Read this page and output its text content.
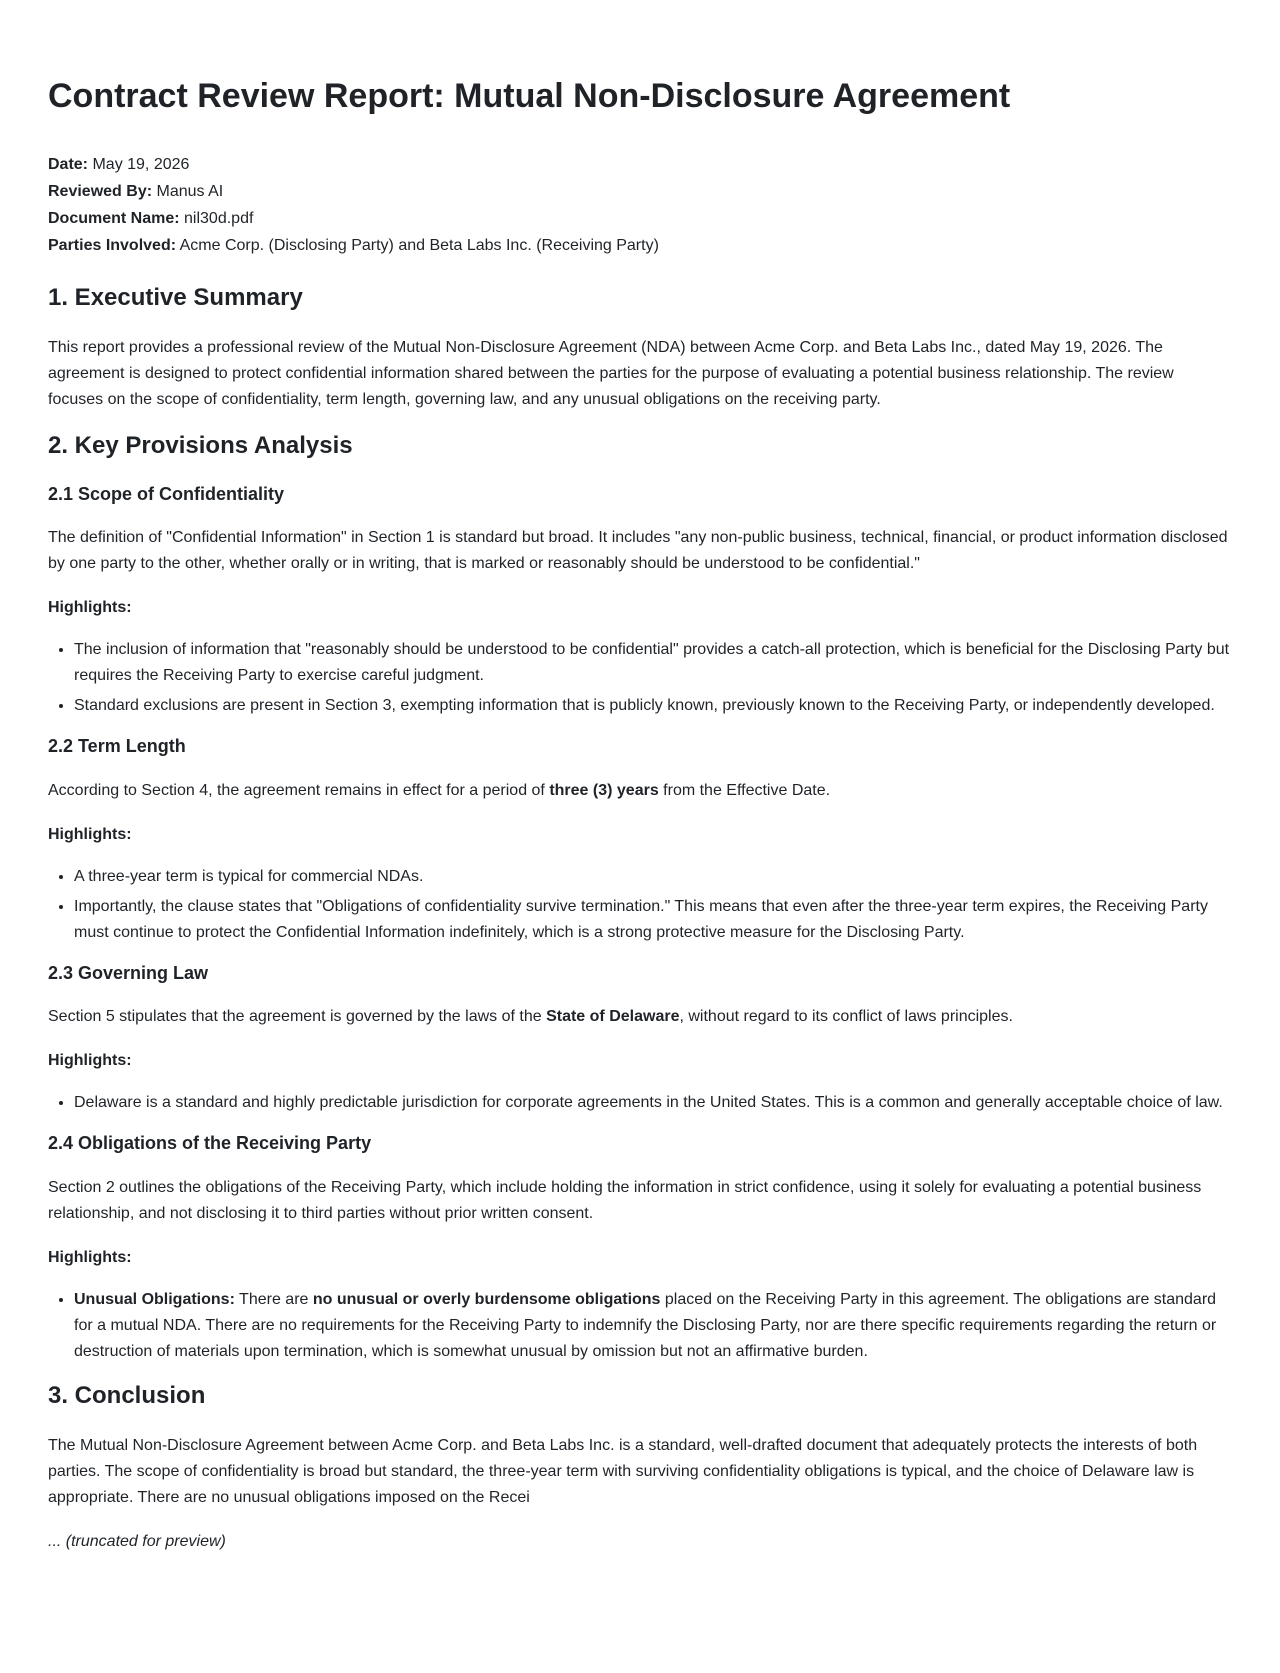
Contract Review Report: Mutual Non-Disclosure Agreement
Date: May 19, 2026
Reviewed By: Manus AI
Document Name: nil30d.pdf
Parties Involved: Acme Corp. (Disclosing Party) and Beta Labs Inc. (Receiving Party)
1. Executive Summary

This report provides a professional review of the Mutual Non-Disclosure Agreement (NDA) between Acme Corp. and Beta Labs Inc., dated May 19, 2026. The agreement is designed to protect confidential information shared between the parties for the purpose of evaluating a potential business relationship. The review focuses on the scope of confidentiality, term length, governing law, and any unusual obligations on the receiving party.

2. Key Provisions Analysis
2.1 Scope of Confidentiality

The definition of "Confidential Information" in Section 1 is standard but broad. It includes "any non-public business, technical, financial, or product information disclosed by one party to the other, whether orally or in writing, that is marked or reasonably should be understood to be confidential."

Highlights:

• The inclusion of information that "reasonably should be understood to be confidential" provides a catch-all protection, which is beneficial for the Disclosing Party but requires the Receiving Party to exercise careful judgment.
• Standard exclusions are present in Section 3, exempting information that is publicly known, previously known to the Receiving Party, or independently developed.
2.2 Term Length

According to Section 4, the agreement remains in effect for a period of three (3) years from the Effective Date.

Highlights:

• A three-year term is typical for commercial NDAs.
• Importantly, the clause states that "Obligations of confidentiality survive termination." This means that even after the three-year term expires, the Receiving Party must continue to protect the Confidential Information indefinitely, which is a strong protective measure for the Disclosing Party.
2.3 Governing Law

Section 5 stipulates that the agreement is governed by the laws of the State of Delaware, without regard to its conflict of laws principles.

Highlights:

• Delaware is a standard and highly predictable jurisdiction for corporate agreements in the United States. This is a common and generally acceptable choice of law.
2.4 Obligations of the Receiving Party

Section 2 outlines the obligations of the Receiving Party, which include holding the information in strict confidence, using it solely for evaluating a potential business relationship, and not disclosing it to third parties without prior written consent.

Highlights:

• Unusual Obligations: There are no unusual or overly burdensome obligations placed on the Receiving Party in this agreement. The obligations are standard for a mutual NDA. There are no requirements for the Receiving Party to indemnify the Disclosing Party, nor are there specific requirements regarding the return or destruction of materials upon termination, which is somewhat unusual by omission but not an affirmative burden.
3. Conclusion

The Mutual Non-Disclosure Agreement between Acme Corp. and Beta Labs Inc. is a standard, well-drafted document that adequately protects the interests of both parties. The scope of confidentiality is broad but standard, the three-year term with surviving confidentiality obligations is typical, and the choice of Delaware law is appropriate. There are no unusual obligations imposed on the Recei

... (truncated for preview)
